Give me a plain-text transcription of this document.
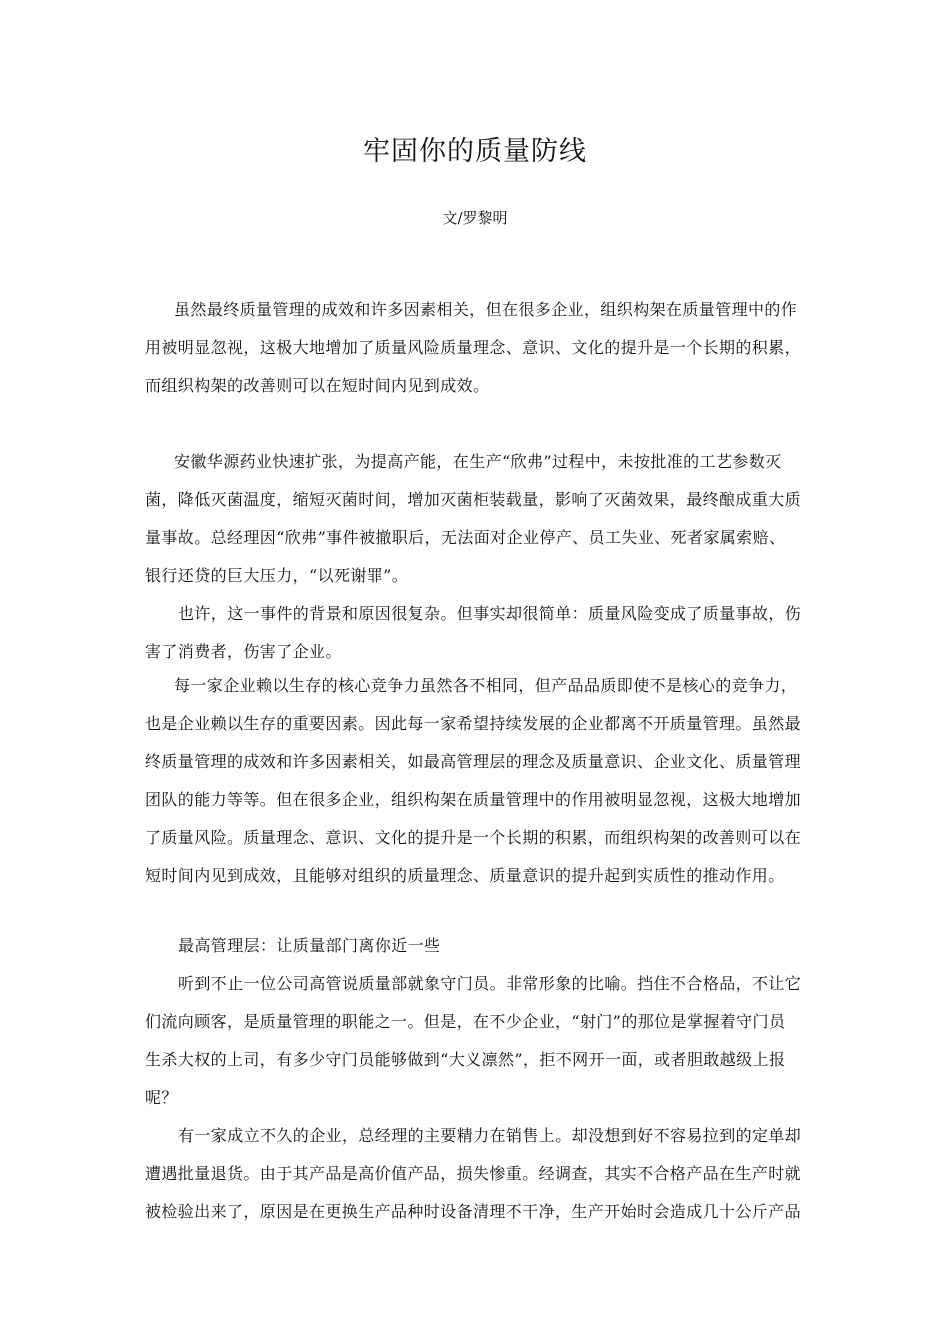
牢固你的质量防线
文/罗黎明

虽然最终质量管理的成效和许多因素相关，但在很多企业，组织构架在质量管理中的作
用被明显忽视，这极大地增加了质量风险质量理念、意识、文化的提升是一个长期的积累，
而组织构架的改善则可以在短时间内见到成效。

安徽华源药业快速扩张，为提高产能，在生产“欣弗”过程中，未按批准的工艺参数灭
菌，降低灭菌温度，缩短灭菌时间，增加灭菌柜装载量，影响了灭菌效果，最终酿成重大质
量事故。总经理因“欣弗”事件被撤职后，无法面对企业停产、员工失业、死者家属索赔、
银行还贷的巨大压力，“以死谢罪”。

也许，这一事件的背景和原因很复杂。但事实却很简单：质量风险变成了质量事故，伤
害了消费者，伤害了企业。

每一家企业赖以生存的核心竞争力虽然各不相同，但产品品质即使不是核心的竞争力，
也是企业赖以生存的重要因素。因此每一家希望持续发展的企业都离不开质量管理。虽然最
终质量管理的成效和许多因素相关，如最高管理层的理念及质量意识、企业文化、质量管理
团队的能力等等。但在很多企业，组织构架在质量管理中的作用被明显忽视，这极大地增加
了质量风险。质量理念、意识、文化的提升是一个长期的积累，而组织构架的改善则可以在
短时间内见到成效，且能够对组织的质量理念、质量意识的提升起到实质性的推动作用。

最高管理层：让质量部门离你近一些

听到不止一位公司高管说质量部就象守门员。非常形象的比喻。挡住不合格品，不让它
们流向顾客，是质量管理的职能之一。但是，在不少企业，“射门”的那位是掌握着守门员
生杀大权的上司，有多少守门员能够做到“大义凛然”，拒不网开一面，或者胆敢越级上报
呢？

有一家成立不久的企业，总经理的主要精力在销售上。却没想到好不容易拉到的定单却
遭遇批量退货。由于其产品是高价值产品，损失惨重。经调查，其实不合格产品在生产时就
被检验出来了，原因是在更换生产品种时设备清理不干净，生产开始时会造成几十公斤产品
